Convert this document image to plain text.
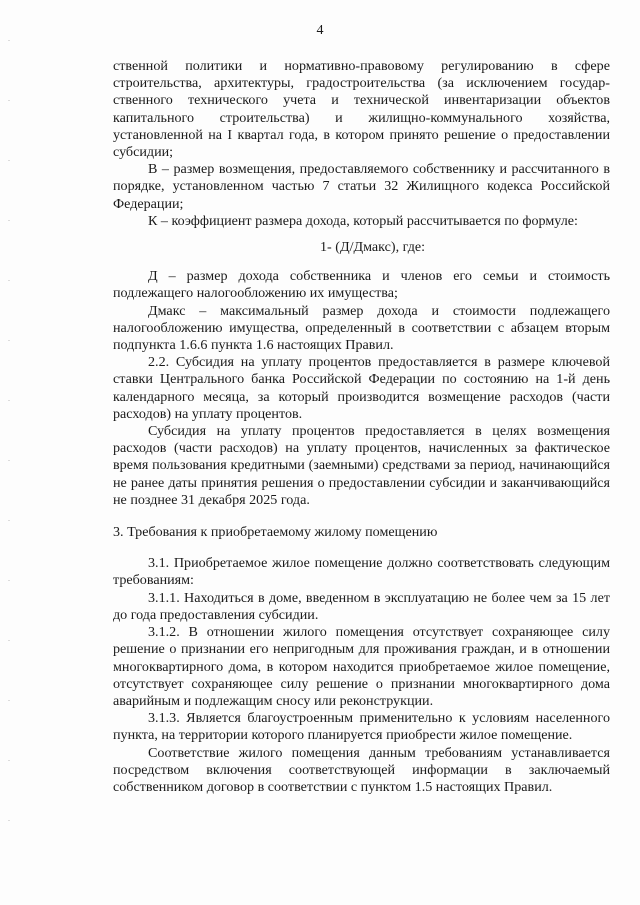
4

ственной политики и нормативно-правовому регулированию в сфере строительства, архитектуры, градостроительства (за исключением государственного технического учета и технической инвентаризации объектов капитального строительства) и жилищно-коммунального хозяйства, установленной на I квартал года, в котором принято решение о предоставлении субсидии;

В – размер возмещения, предоставляемого собственнику и рассчитанного в порядке, установленном частью 7 статьи 32 Жилищного кодекса Российской Федерации;

К – коэффициент размера дохода, который рассчитывается по формуле:

1- (Д/Дмакс), где:

Д – размер дохода собственника и членов его семьи и стоимость подлежащего налогообложению их имущества;

Дмакс – максимальный размер дохода и стоимости подлежащего налогообложению имущества, определенный в соответствии с абзацем вторым подпункта 1.6.6 пункта 1.6 настоящих Правил.

2.2. Субсидия на уплату процентов предоставляется в размере ключевой ставки Центрального банка Российской Федерации по состоянию на 1-й день календарного месяца, за который производится возмещение расходов (части расходов) на уплату процентов.

Субсидия на уплату процентов предоставляется в целях возмещения расходов (части расходов) на уплату процентов, начисленных за фактическое время пользования кредитными (заемными) средствами за период, начинающийся не ранее даты принятия решения о предоставлении субсидии и заканчивающийся не позднее 31 декабря 2025 года.

3. Требования к приобретаемому жилому помещению

3.1. Приобретаемое жилое помещение должно соответствовать следующим требованиям:

3.1.1. Находиться в доме, введенном в эксплуатацию не более чем за 15 лет до года предоставления субсидии.

3.1.2. В отношении жилого помещения отсутствует сохраняющее силу решение о признании его непригодным для проживания граждан, и в отношении многоквартирного дома, в котором находится приобретаемое жилое помещение, отсутствует сохраняющее силу решение о признании многоквартирного дома аварийным и подлежащим сносу или реконструкции.

3.1.3. Является благоустроенным применительно к условиям населенного пункта, на территории которого планируется приобрести жилое помещение.

Соответствие жилого помещения данным требованиям устанавливается посредством включения соответствующей информации в заключаемый собственником договор в соответствии с пунктом 1.5 настоящих Правил.
